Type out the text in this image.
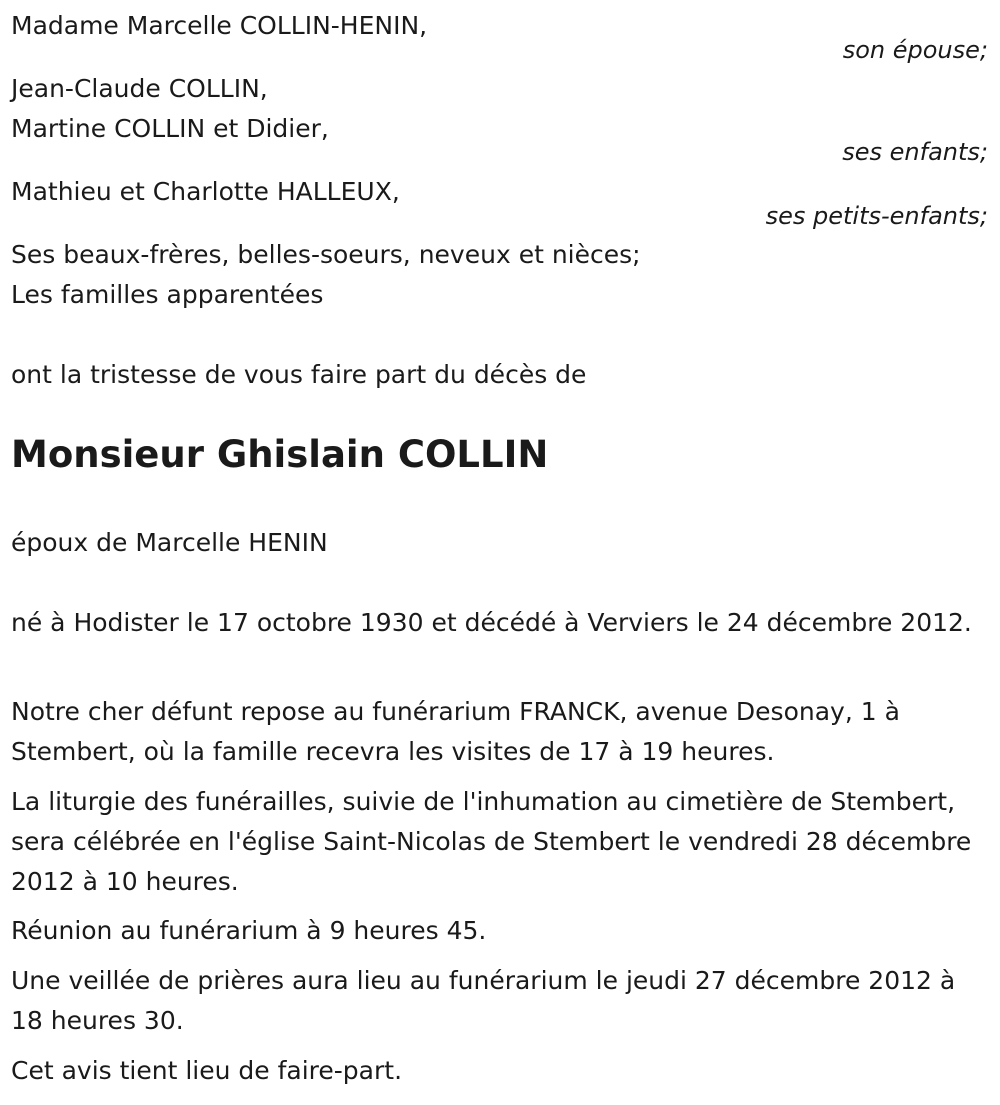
Madame Marcelle COLLIN-HENIN,
son épouse;
Jean-Claude COLLIN,
Martine COLLIN et Didier,
ses enfants;
Mathieu et Charlotte HALLEUX,
ses petits-enfants;
Ses beaux-frères, belles-soeurs, neveux et nièces;
Les familles apparentées
ont la tristesse de vous faire part du décès de
Monsieur Ghislain COLLIN
époux de Marcelle HENIN
né à Hodister le 17 octobre 1930 et décédé à Verviers le 24 décembre 2012.
Notre cher défunt repose au funérarium FRANCK, avenue Desonay, 1 à Stembert, où la famille recevra les visites de 17 à 19 heures.
La liturgie des funérailles, suivie de l'inhumation au cimetière de Stembert, sera célébrée en l'église Saint-Nicolas de Stembert le vendredi 28 décembre 2012 à 10 heures.
Réunion au funérarium à 9 heures 45.
Une veillée de prières aura lieu au funérarium le jeudi 27 décembre 2012 à 18 heures 30.
Cet avis tient lieu de faire-part.
